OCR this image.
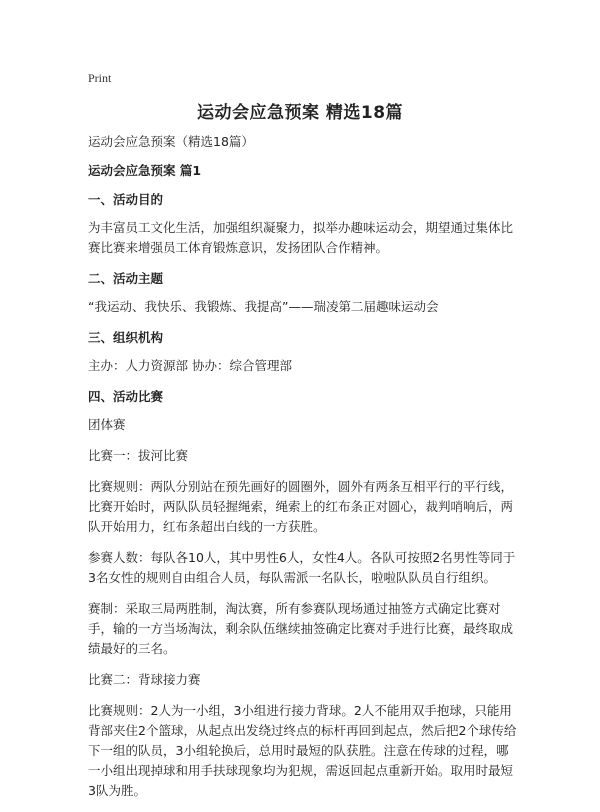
Print
运动会应急预案 精选18篇

运动会应急预案（精选18篇）

运动会应急预案 篇1

一、活动目的

为丰富员工文化生活，加强组织凝聚力，拟举办趣味运动会，期望通过集体比赛比赛来增强员工体育锻炼意识，发扬团队合作精神。

二、活动主题

“我运动、我快乐、我锻炼、我提高”——瑞凌第二届趣味运动会

三、组织机构

主办：人力资源部 协办：综合管理部

四、活动比赛

团体赛

比赛一：拔河比赛

比赛规则：两队分别站在预先画好的圆圈外，圆外有两条互相平行的平行线，比赛开始时，两队队员轻握绳索，绳索上的红布条正对圆心，裁判哨响后，两队开始用力，红布条超出白线的一方获胜。

参赛人数：每队各10人，其中男性6人，女性4人。各队可按照2名男性等同于3名女性的规则自由组合人员，每队需派一名队长，啦啦队队员自行组织。

赛制：采取三局两胜制，淘汰赛，所有参赛队现场通过抽签方式确定比赛对手，输的一方当场淘汰，剩余队伍继续抽签确定比赛对手进行比赛，最终取成绩最好的三名。

比赛二：背球接力赛

比赛规则：2人为一小组，3小组进行接力背球。2人不能用双手抱球，只能用背部夹住2个篮球，从起点出发绕过终点的标杆再回到起点，然后把2个球传给下一组的队员，3小组轮换后，总用时最短的队获胜。注意在传球的过程，哪一小组出现掉球和用手扶球现象均为犯规，需返回起点重新开始。取用时最短3队为胜。
